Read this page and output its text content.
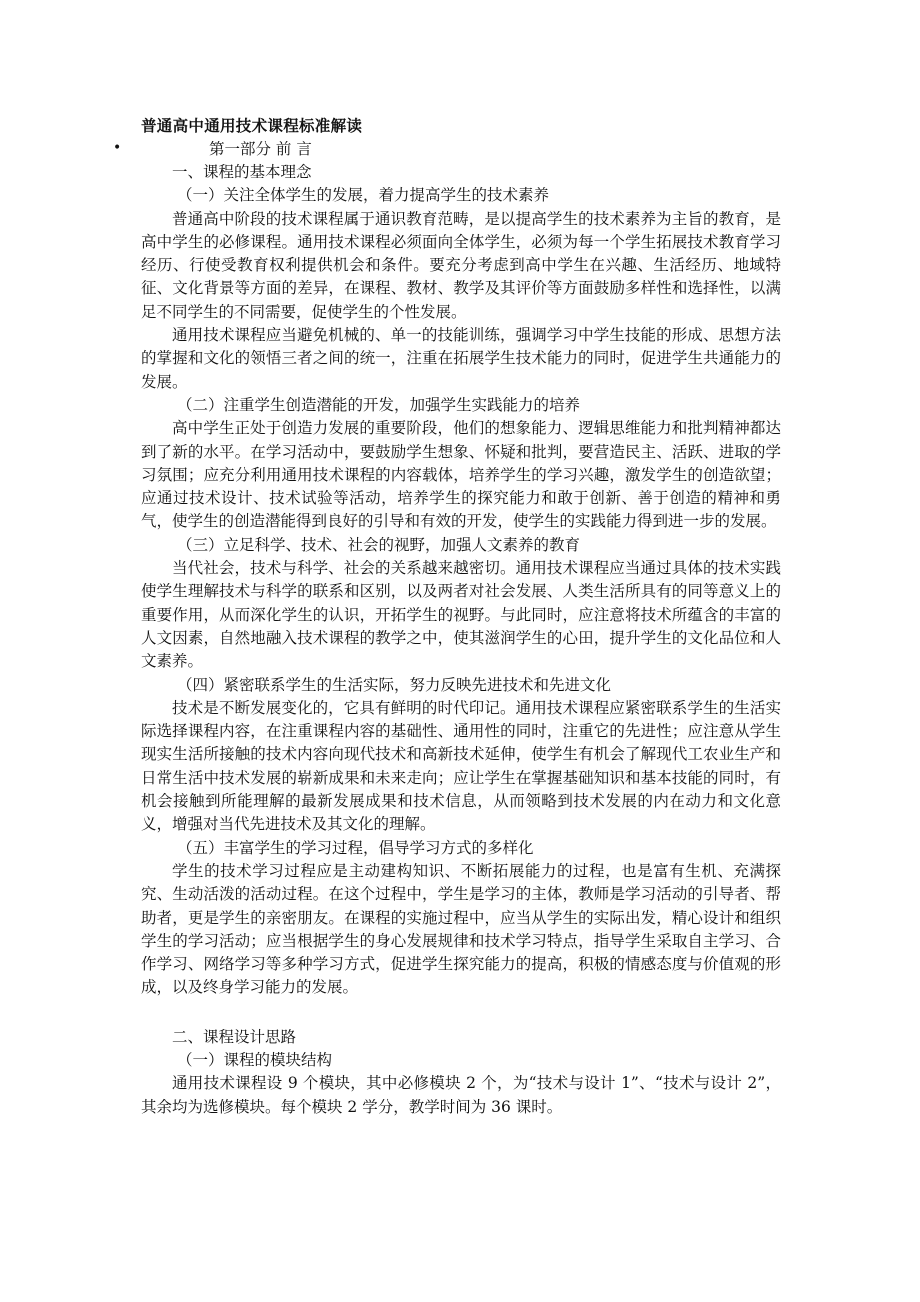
普通高中通用技术课程标准解读
•	第一部分 前 言

一、课程的基本理念

（一）关注全体学生的发展，着力提高学生的技术素养

普通高中阶段的技术课程属于通识教育范畴，是以提高学生的技术素养为主旨的教育，是高中学生的必修课程。通用技术课程必须面向全体学生，必须为每一个学生拓展技术教育学习经历、行使受教育权利提供机会和条件。要充分考虑到高中学生在兴趣、生活经历、地域特征、文化背景等方面的差异，在课程、教材、教学及其评价等方面鼓励多样性和选择性，以满足不同学生的不同需要，促使学生的个性发展。

通用技术课程应当避免机械的、单一的技能训练，强调学习中学生技能的形成、思想方法的掌握和文化的领悟三者之间的统一，注重在拓展学生技术能力的同时，促进学生共通能力的发展。

（二）注重学生创造潜能的开发，加强学生实践能力的培养

高中学生正处于创造力发展的重要阶段，他们的想象能力、逻辑思维能力和批判精神都达到了新的水平。在学习活动中，要鼓励学生想象、怀疑和批判，要营造民主、活跃、进取的学习氛围；应充分利用通用技术课程的内容载体，培养学生的学习兴趣，激发学生的创造欲望；应通过技术设计、技术试验等活动，培养学生的探究能力和敢于创新、善于创造的精神和勇气，使学生的创造潜能得到良好的引导和有效的开发，使学生的实践能力得到进一步的发展。

（三）立足科学、技术、社会的视野，加强人文素养的教育

当代社会，技术与科学、社会的关系越来越密切。通用技术课程应当通过具体的技术实践使学生理解技术与科学的联系和区别，以及两者对社会发展、人类生活所具有的同等意义上的重要作用，从而深化学生的认识，开拓学生的视野。与此同时，应注意将技术所蕴含的丰富的人文因素，自然地融入技术课程的教学之中，使其滋润学生的心田，提升学生的文化品位和人文素养。

（四）紧密联系学生的生活实际，努力反映先进技术和先进文化

技术是不断发展变化的，它具有鲜明的时代印记。通用技术课程应紧密联系学生的生活实际选择课程内容，在注重课程内容的基础性、通用性的同时，注重它的先进性；应注意从学生现实生活所接触的技术内容向现代技术和高新技术延伸，使学生有机会了解现代工农业生产和日常生活中技术发展的崭新成果和未来走向；应让学生在掌握基础知识和基本技能的同时，有机会接触到所能理解的最新发展成果和技术信息，从而领略到技术发展的内在动力和文化意义，增强对当代先进技术及其文化的理解。

（五）丰富学生的学习过程，倡导学习方式的多样化

学生的技术学习过程应是主动建构知识、不断拓展能力的过程，也是富有生机、充满探究、生动活泼的活动过程。在这个过程中，学生是学习的主体，教师是学习活动的引导者、帮助者，更是学生的亲密朋友。在课程的实施过程中，应当从学生的实际出发，精心设计和组织学生的学习活动；应当根据学生的身心发展规律和技术学习特点，指导学生采取自主学习、合作学习、网络学习等多种学习方式，促进学生探究能力的提高，积极的情感态度与价值观的形成，以及终身学习能力的发展。

二、课程设计思路

（一）课程的模块结构

通用技术课程设 9 个模块，其中必修模块 2 个，为“技术与设计 1”、“技术与设计 2”，其余均为选修模块。每个模块 2 学分，教学时间为 36 课时。
